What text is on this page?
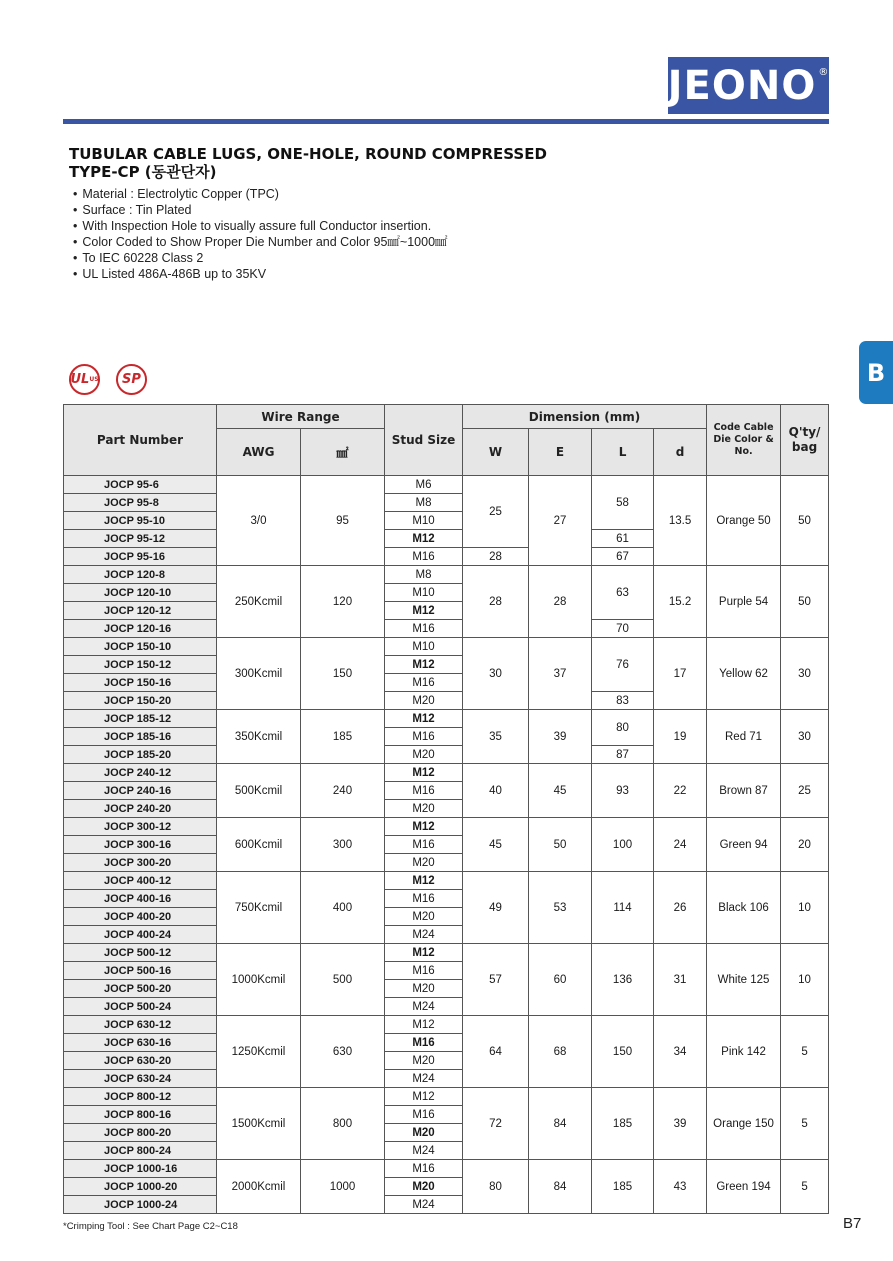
JEONO®
TUBULAR CABLE LUGS, ONE-HOLE, ROUND COMPRESSED
TYPE-CP (동관단자)
• Material : Electrolytic Copper (TPC)
• Surface : Tin Plated
• With Inspection Hole to visually assure full Conductor insertion.
• Color Coded to Show Proper Die Number and Color 95㎟~1000㎟
• To IEC 60228 Class 2
• UL Listed 486A-486B up to 35KV
B
UL US SP
Part Number	Wire Range		Stud Size	Dimension (mm)				Code Cable Die Color & No.	Q'ty/ bag
	AWG	㎟		W	E	L	d		
JOCP 95-6	3/0	95	M6	25	27	58	13.5	Orange 50	50
JOCP 95-8			M8						
JOCP 95-10			M10						
JOCP 95-12			M12			61			
JOCP 95-16			M16	28		67			
JOCP 120-8	250Kcmil	120	M8	28	28	63	15.2	Purple 54	50
JOCP 120-10			M10						
JOCP 120-12			M12						
JOCP 120-16			M16			70			
JOCP 150-10	300Kcmil	150	M10	30	37	76	17	Yellow 62	30
JOCP 150-12			M12						
JOCP 150-16			M16						
JOCP 150-20			M20			83			
JOCP 185-12	350Kcmil	185	M12	35	39	80	19	Red 71	30
JOCP 185-16			M16						
JOCP 185-20			M20			87			
JOCP 240-12	500Kcmil	240	M12	40	45	93	22	Brown 87	25
JOCP 240-16			M16						
JOCP 240-20			M20						
JOCP 300-12	600Kcmil	300	M12	45	50	100	24	Green 94	20
JOCP 300-16			M16						
JOCP 300-20			M20						
JOCP 400-12	750Kcmil	400	M12	49	53	114	26	Black 106	10
JOCP 400-16			M16						
JOCP 400-20			M20						
JOCP 400-24			M24						
JOCP 500-12	1000Kcmil	500	M12	57	60	136	31	White 125	10
JOCP 500-16			M16						
JOCP 500-20			M20						
JOCP 500-24			M24						
JOCP 630-12	1250Kcmil	630	M12	64	68	150	34	Pink 142	5
JOCP 630-16			M16						
JOCP 630-20			M20						
JOCP 630-24			M24						
JOCP 800-12	1500Kcmil	800	M12	72	84	185	39	Orange 150	5
JOCP 800-16			M16						
JOCP 800-20			M20						
JOCP 800-24			M24						
JOCP 1000-16	2000Kcmil	1000	M16	80	84	185	43	Green 194	5
JOCP 1000-20			M20						
JOCP 1000-24			M24						
*Crimping Tool : See Chart Page C2~C18	B7
